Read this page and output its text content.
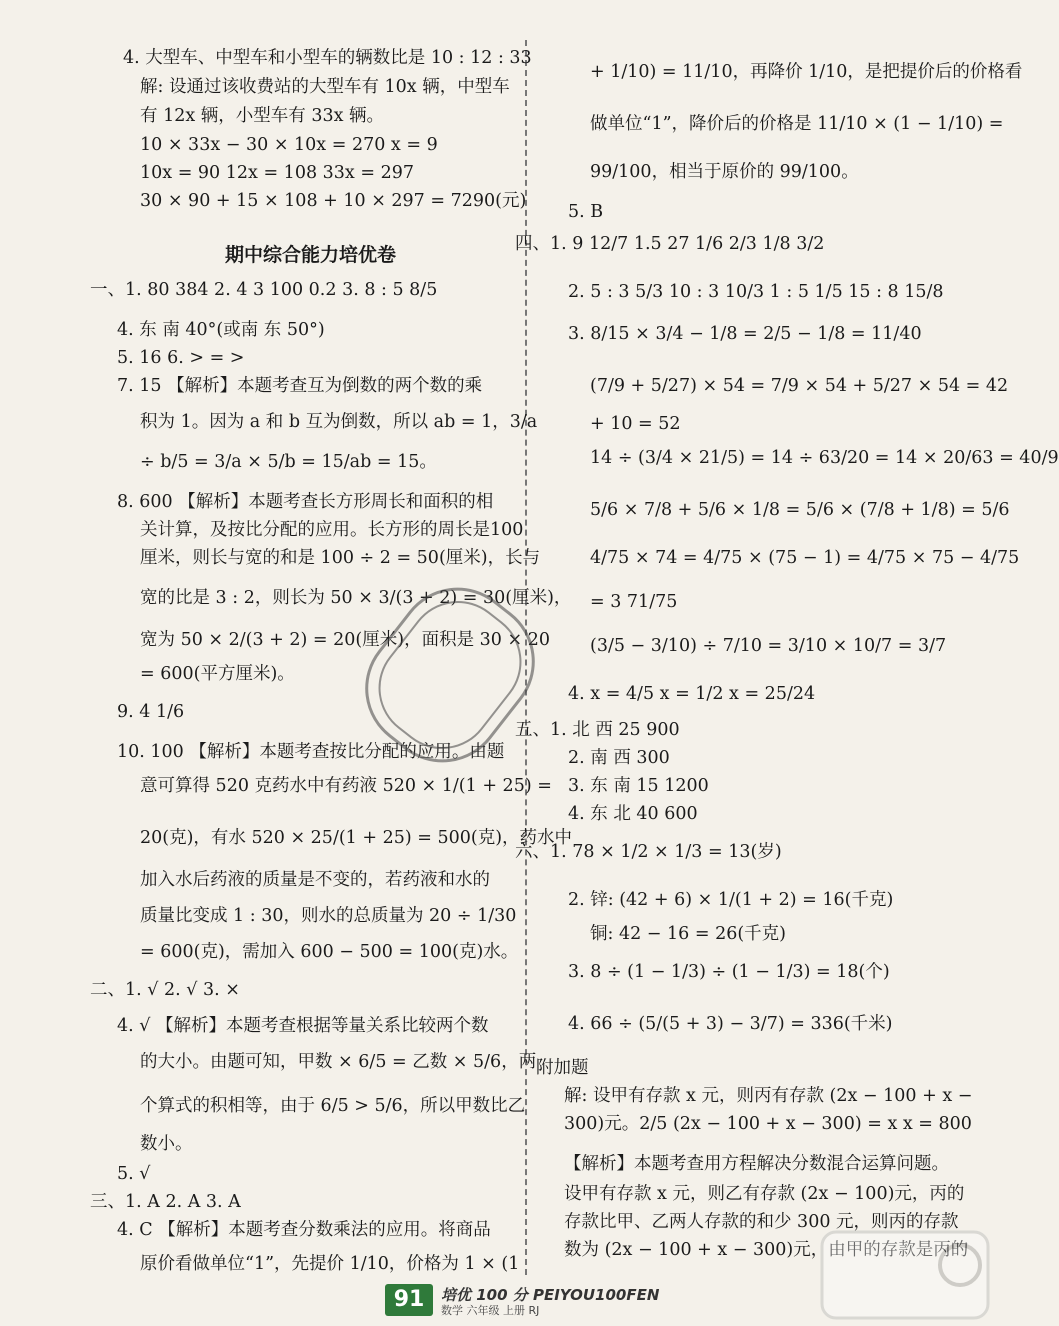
4. 大型车、中型车和小型车的辆数比是 10 : 12 : 33
解: 设通过该收费站的大型车有 10x 辆，中型车
有 12x 辆，小型车有 33x 辆。
10 × 33x − 30 × 10x = 270 x = 9
10x = 90 12x = 108 33x = 297
30 × 90 + 15 × 108 + 10 × 297 = 7290(元)
期中综合能力培优卷
一、1. 80 384 2. 4 3 100 0.2 3. 8 : 5 8/5
4. 东 南 40°(或南 东 50°)
5. 16 6. > = >
7. 15 【解析】本题考查互为倒数的两个数的乘
积为 1。因为 a 和 b 互为倒数，所以 ab = 1，3/a
÷ b/5 = 3/a × 5/b = 15/ab = 15。
8. 600 【解析】本题考查长方形周长和面积的相
关计算，及按比分配的应用。长方形的周长是100
厘米，则长与宽的和是 100 ÷ 2 = 50(厘米)，长与
宽的比是 3 : 2，则长为 50 × 3/(3 + 2) = 30(厘米)，
宽为 50 × 2/(3 + 2) = 20(厘米)，面积是 30 × 20
= 600(平方厘米)。
9. 4 1/6
10. 100 【解析】本题考查按比分配的应用。由题
意可算得 520 克药水中有药液 520 × 1/(1 + 25) =
20(克)，有水 520 × 25/(1 + 25) = 500(克)，药水中
加入水后药液的质量是不变的，若药液和水的
质量比变成 1 : 30，则水的总质量为 20 ÷ 1/30
= 600(克)，需加入 600 − 500 = 100(克)水。
二、1. √ 2. √ 3. ×
4. √ 【解析】本题考查根据等量关系比较两个数
的大小。由题可知，甲数 × 6/5 = 乙数 × 5/6，两
个算式的积相等，由于 6/5 > 5/6，所以甲数比乙
数小。
5. √
三、1. A 2. A 3. A
4. C 【解析】本题考查分数乘法的应用。将商品
原价看做单位“1”，先提价 1/10，价格为 1 × (1
+ 1/10) = 11/10，再降价 1/10，是把提价后的价格看
做单位“1”，降价后的价格是 11/10 × (1 − 1/10) =
99/100，相当于原价的 99/100。
5. B
四、1. 9 12/7 1.5 27 1/6 2/3 1/8 3/2
2. 5 : 3 5/3 10 : 3 10/3 1 : 5 1/5 15 : 8 15/8
3. 8/15 × 3/4 − 1/8 = 2/5 − 1/8 = 11/40
(7/9 + 5/27) × 54 = 7/9 × 54 + 5/27 × 54 = 42
+ 10 = 52
14 ÷ (3/4 × 21/5) = 14 ÷ 63/20 = 14 × 20/63 = 40/9
5/6 × 7/8 + 5/6 × 1/8 = 5/6 × (7/8 + 1/8) = 5/6
4/75 × 74 = 4/75 × (75 − 1) = 4/75 × 75 − 4/75
= 3 71/75
(3/5 − 3/10) ÷ 7/10 = 3/10 × 10/7 = 3/7
4. x = 4/5 x = 1/2 x = 25/24
五、1. 北 西 25 900
2. 南 西 300
3. 东 南 15 1200
4. 东 北 40 600
六、1. 78 × 1/2 × 1/3 = 13(岁)
2. 锌: (42 + 6) × 1/(1 + 2) = 16(千克)
铜: 42 − 16 = 26(千克)
3. 8 ÷ (1 − 1/3) ÷ (1 − 1/3) = 18(个)
4. 66 ÷ (5/(5 + 3) − 3/7) = 336(千米)
附加题
解: 设甲有存款 x 元，则丙有存款 (2x − 100 + x −
300)元。2/5 (2x − 100 + x − 300) = x x = 800
【解析】本题考查用方程解决分数混合运算问题。
设甲有存款 x 元，则乙有存款 (2x − 100)元，丙的
存款比甲、乙两人存款的和少 300 元，则丙的存款
数为 (2x − 100 + x − 300)元，由甲的存款是丙的
91	培优 100 分 PEIYOU100FEN
数学 六年级 上册 RJ
